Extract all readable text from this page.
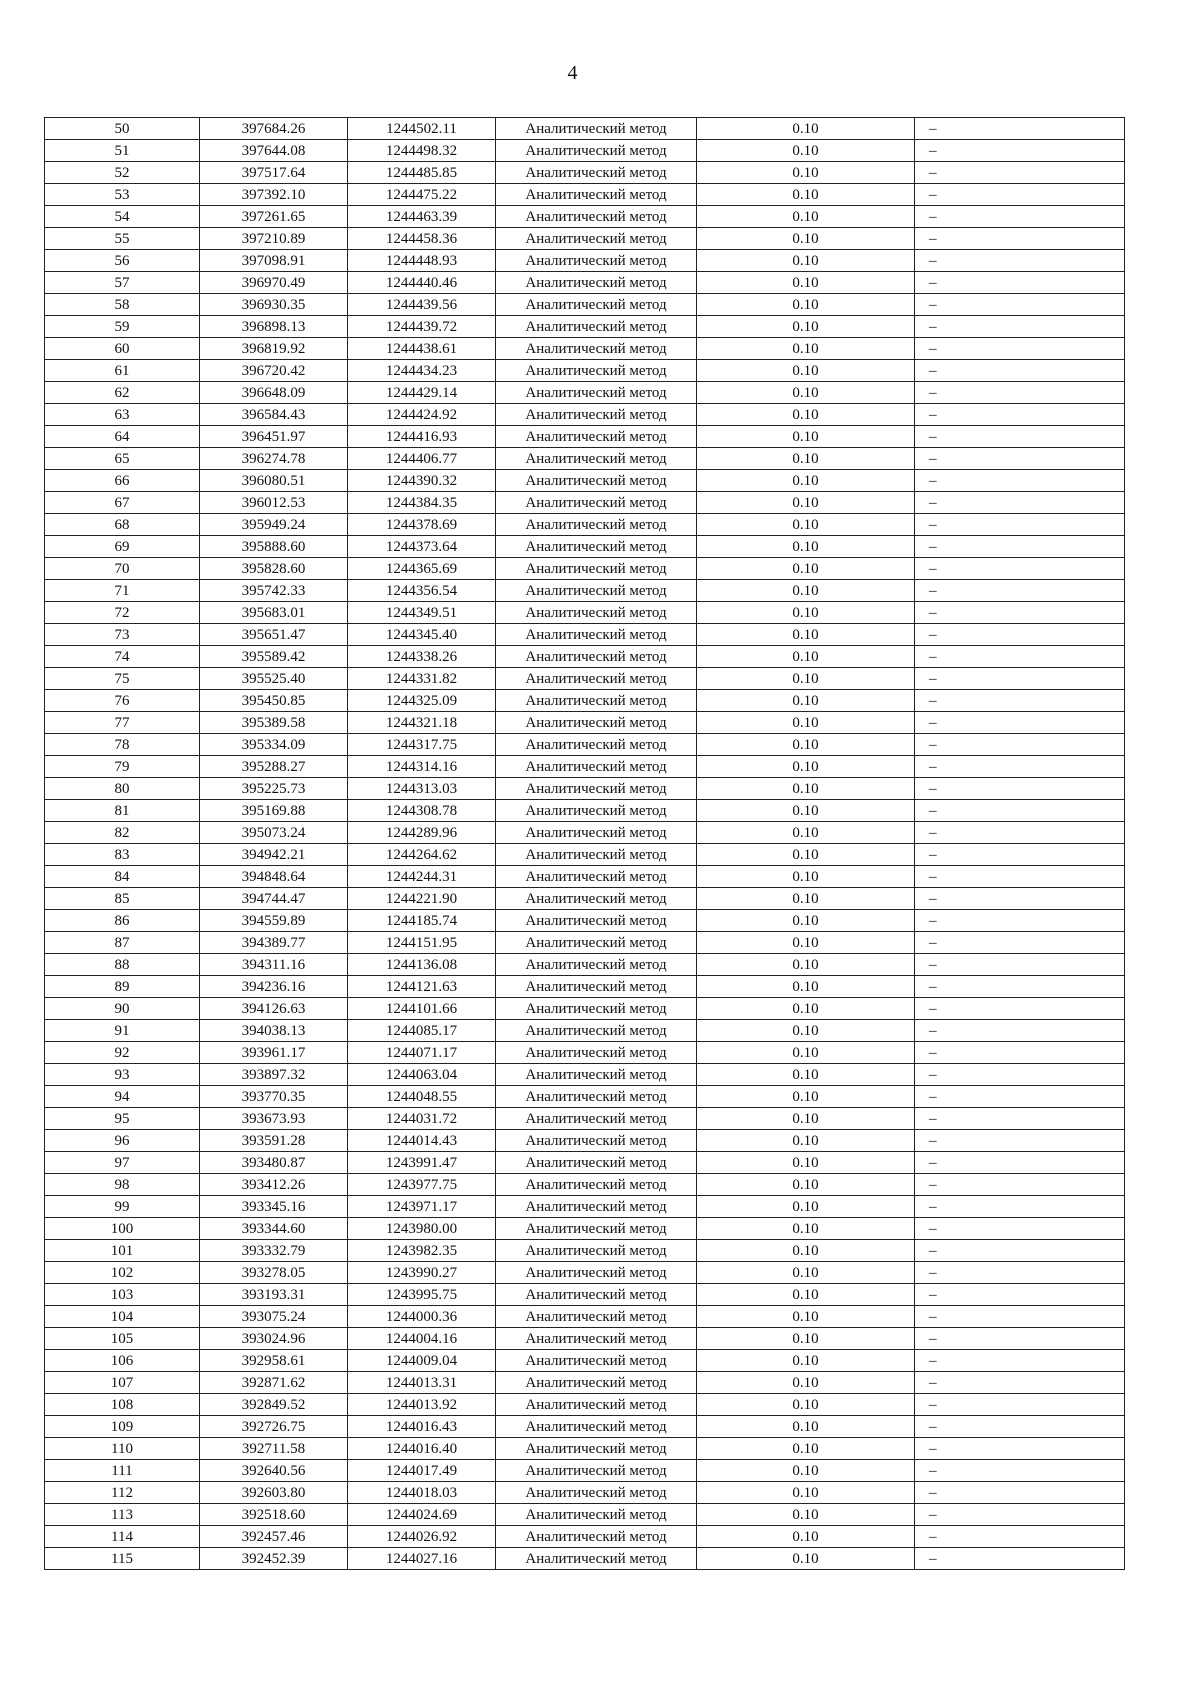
4
50	397684.26	1244502.11	Аналитический метод	0.10	–
51	397644.08	1244498.32	Аналитический метод	0.10	–
52	397517.64	1244485.85	Аналитический метод	0.10	–
53	397392.10	1244475.22	Аналитический метод	0.10	–
54	397261.65	1244463.39	Аналитический метод	0.10	–
55	397210.89	1244458.36	Аналитический метод	0.10	–
56	397098.91	1244448.93	Аналитический метод	0.10	–
57	396970.49	1244440.46	Аналитический метод	0.10	–
58	396930.35	1244439.56	Аналитический метод	0.10	–
59	396898.13	1244439.72	Аналитический метод	0.10	–
60	396819.92	1244438.61	Аналитический метод	0.10	–
61	396720.42	1244434.23	Аналитический метод	0.10	–
62	396648.09	1244429.14	Аналитический метод	0.10	–
63	396584.43	1244424.92	Аналитический метод	0.10	–
64	396451.97	1244416.93	Аналитический метод	0.10	–
65	396274.78	1244406.77	Аналитический метод	0.10	–
66	396080.51	1244390.32	Аналитический метод	0.10	–
67	396012.53	1244384.35	Аналитический метод	0.10	–
68	395949.24	1244378.69	Аналитический метод	0.10	–
69	395888.60	1244373.64	Аналитический метод	0.10	–
70	395828.60	1244365.69	Аналитический метод	0.10	–
71	395742.33	1244356.54	Аналитический метод	0.10	–
72	395683.01	1244349.51	Аналитический метод	0.10	–
73	395651.47	1244345.40	Аналитический метод	0.10	–
74	395589.42	1244338.26	Аналитический метод	0.10	–
75	395525.40	1244331.82	Аналитический метод	0.10	–
76	395450.85	1244325.09	Аналитический метод	0.10	–
77	395389.58	1244321.18	Аналитический метод	0.10	–
78	395334.09	1244317.75	Аналитический метод	0.10	–
79	395288.27	1244314.16	Аналитический метод	0.10	–
80	395225.73	1244313.03	Аналитический метод	0.10	–
81	395169.88	1244308.78	Аналитический метод	0.10	–
82	395073.24	1244289.96	Аналитический метод	0.10	–
83	394942.21	1244264.62	Аналитический метод	0.10	–
84	394848.64	1244244.31	Аналитический метод	0.10	–
85	394744.47	1244221.90	Аналитический метод	0.10	–
86	394559.89	1244185.74	Аналитический метод	0.10	–
87	394389.77	1244151.95	Аналитический метод	0.10	–
88	394311.16	1244136.08	Аналитический метод	0.10	–
89	394236.16	1244121.63	Аналитический метод	0.10	–
90	394126.63	1244101.66	Аналитический метод	0.10	–
91	394038.13	1244085.17	Аналитический метод	0.10	–
92	393961.17	1244071.17	Аналитический метод	0.10	–
93	393897.32	1244063.04	Аналитический метод	0.10	–
94	393770.35	1244048.55	Аналитический метод	0.10	–
95	393673.93	1244031.72	Аналитический метод	0.10	–
96	393591.28	1244014.43	Аналитический метод	0.10	–
97	393480.87	1243991.47	Аналитический метод	0.10	–
98	393412.26	1243977.75	Аналитический метод	0.10	–
99	393345.16	1243971.17	Аналитический метод	0.10	–
100	393344.60	1243980.00	Аналитический метод	0.10	–
101	393332.79	1243982.35	Аналитический метод	0.10	–
102	393278.05	1243990.27	Аналитический метод	0.10	–
103	393193.31	1243995.75	Аналитический метод	0.10	–
104	393075.24	1244000.36	Аналитический метод	0.10	–
105	393024.96	1244004.16	Аналитический метод	0.10	–
106	392958.61	1244009.04	Аналитический метод	0.10	–
107	392871.62	1244013.31	Аналитический метод	0.10	–
108	392849.52	1244013.92	Аналитический метод	0.10	–
109	392726.75	1244016.43	Аналитический метод	0.10	–
110	392711.58	1244016.40	Аналитический метод	0.10	–
111	392640.56	1244017.49	Аналитический метод	0.10	–
112	392603.80	1244018.03	Аналитический метод	0.10	–
113	392518.60	1244024.69	Аналитический метод	0.10	–
114	392457.46	1244026.92	Аналитический метод	0.10	–
115	392452.39	1244027.16	Аналитический метод	0.10	–
